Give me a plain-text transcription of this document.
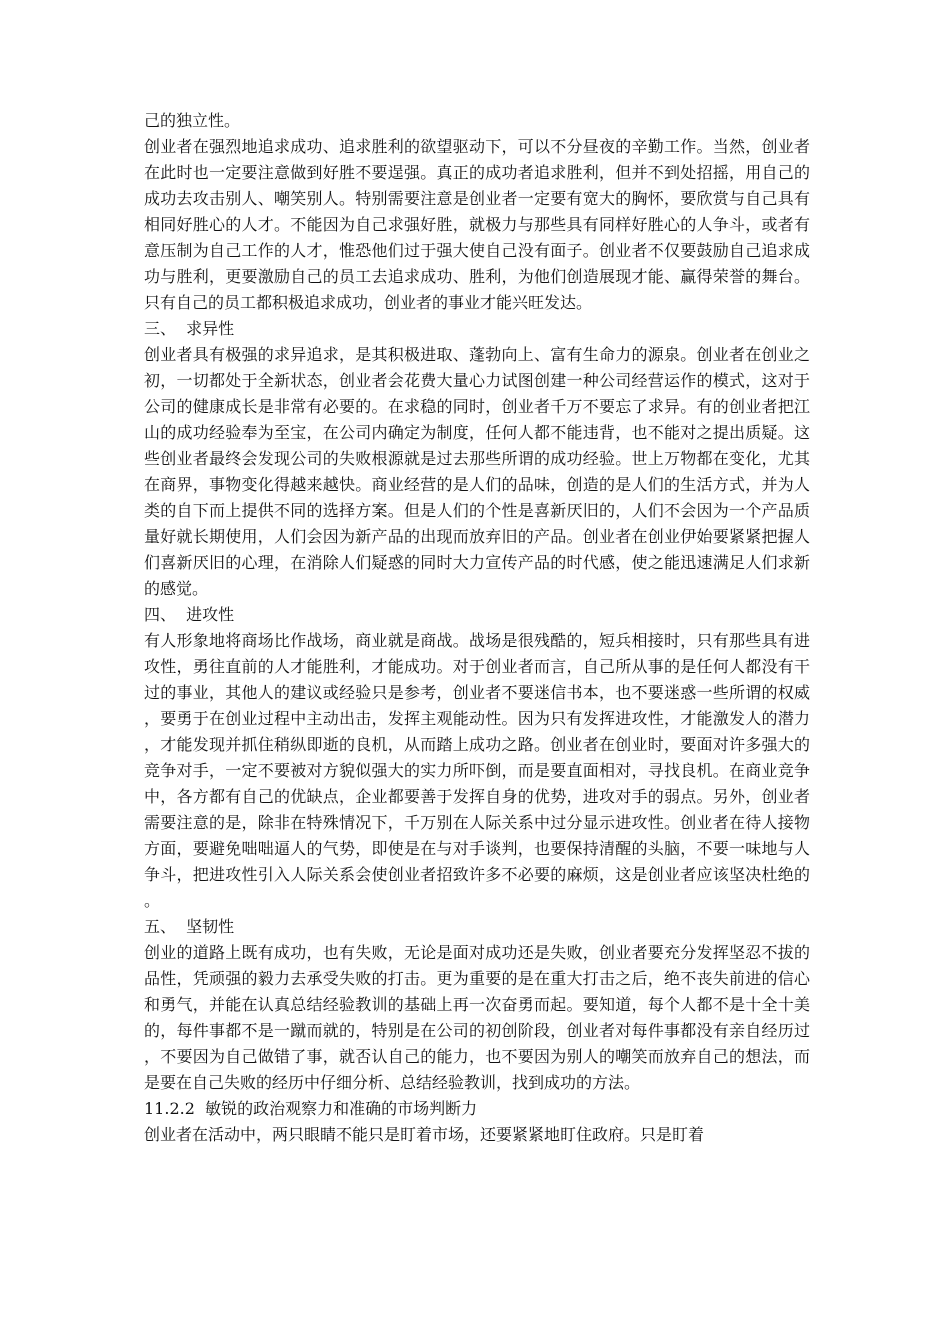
己的独立性。

创业者在强烈地追求成功、追求胜利的欲望驱动下，可以不分昼夜的辛勤工作。当然，创业者在此时也一定要注意做到好胜不要逞强。真正的成功者追求胜利，但并不到处招摇，用自己的成功去攻击别人、嘲笑别人。特别需要注意是创业者一定要有宽大的胸怀，要欣赏与自己具有相同好胜心的人才。不能因为自己求强好胜，就极力与那些具有同样好胜心的人争斗，或者有意压制为自己工作的人才，惟恐他们过于强大使自己没有面子。创业者不仅要鼓励自己追求成功与胜利，更要激励自己的员工去追求成功、胜利，为他们创造展现才能、赢得荣誉的舞台。只有自己的员工都积极追求成功，创业者的事业才能兴旺发达。

三、  求异性

创业者具有极强的求异追求，是其积极进取、蓬勃向上、富有生命力的源泉。创业者在创业之初，一切都处于全新状态，创业者会花费大量心力试图创建一种公司经营运作的模式，这对于公司的健康成长是非常有必要的。在求稳的同时，创业者千万不要忘了求异。有的创业者把江山的成功经验奉为至宝，在公司内确定为制度，任何人都不能违背，也不能对之提出质疑。这些创业者最终会发现公司的失败根源就是过去那些所谓的成功经验。世上万物都在变化，尤其在商界，事物变化得越来越快。商业经营的是人们的品味，创造的是人们的生活方式，并为人类的自下而上提供不同的选择方案。但是人们的个性是喜新厌旧的，人们不会因为一个产品质量好就长期使用，人们会因为新产品的出现而放弃旧的产品。创业者在创业伊始要紧紧把握人们喜新厌旧的心理，在消除人们疑惑的同时大力宣传产品的时代感，使之能迅速满足人们求新的感觉。

四、  进攻性

有人形象地将商场比作战场，商业就是商战。战场是很残酷的，短兵相接时，只有那些具有进攻性，勇往直前的人才能胜利，才能成功。对于创业者而言，自己所从事的是任何人都没有干过的事业，其他人的建议或经验只是参考，创业者不要迷信书本，也不要迷惑一些所谓的权威，要勇于在创业过程中主动出击，发挥主观能动性。因为只有发挥进攻性，才能激发人的潜力，才能发现并抓住稍纵即逝的良机，从而踏上成功之路。创业者在创业时，要面对许多强大的竞争对手，一定不要被对方貌似强大的实力所吓倒，而是要直面相对，寻找良机。在商业竞争中，各方都有自己的优缺点，企业都要善于发挥自身的优势，进攻对手的弱点。另外，创业者需要注意的是，除非在特殊情况下，千万别在人际关系中过分显示进攻性。创业者在待人接物方面，要避免咄咄逼人的气势，即使是在与对手谈判，也要保持清醒的头脑，不要一味地与人争斗，把进攻性引入人际关系会使创业者招致许多不必要的麻烦，这是创业者应该坚决杜绝的。

五、  坚韧性

创业的道路上既有成功，也有失败，无论是面对成功还是失败，创业者要充分发挥坚忍不拔的品性，凭顽强的毅力去承受失败的打击。更为重要的是在重大打击之后，绝不丧失前进的信心和勇气，并能在认真总结经验教训的基础上再一次奋勇而起。要知道，每个人都不是十全十美的，每件事都不是一蹴而就的，特别是在公司的初创阶段，创业者对每件事都没有亲自经历过，不要因为自己做错了事，就否认自己的能力，也不要因为别人的嘲笑而放弃自己的想法，而是要在自己失败的经历中仔细分析、总结经验教训，找到成功的方法。

11.2.2  敏锐的政治观察力和准确的市场判断力

创业者在活动中，两只眼睛不能只是盯着市场，还要紧紧地盯住政府。只是盯着
